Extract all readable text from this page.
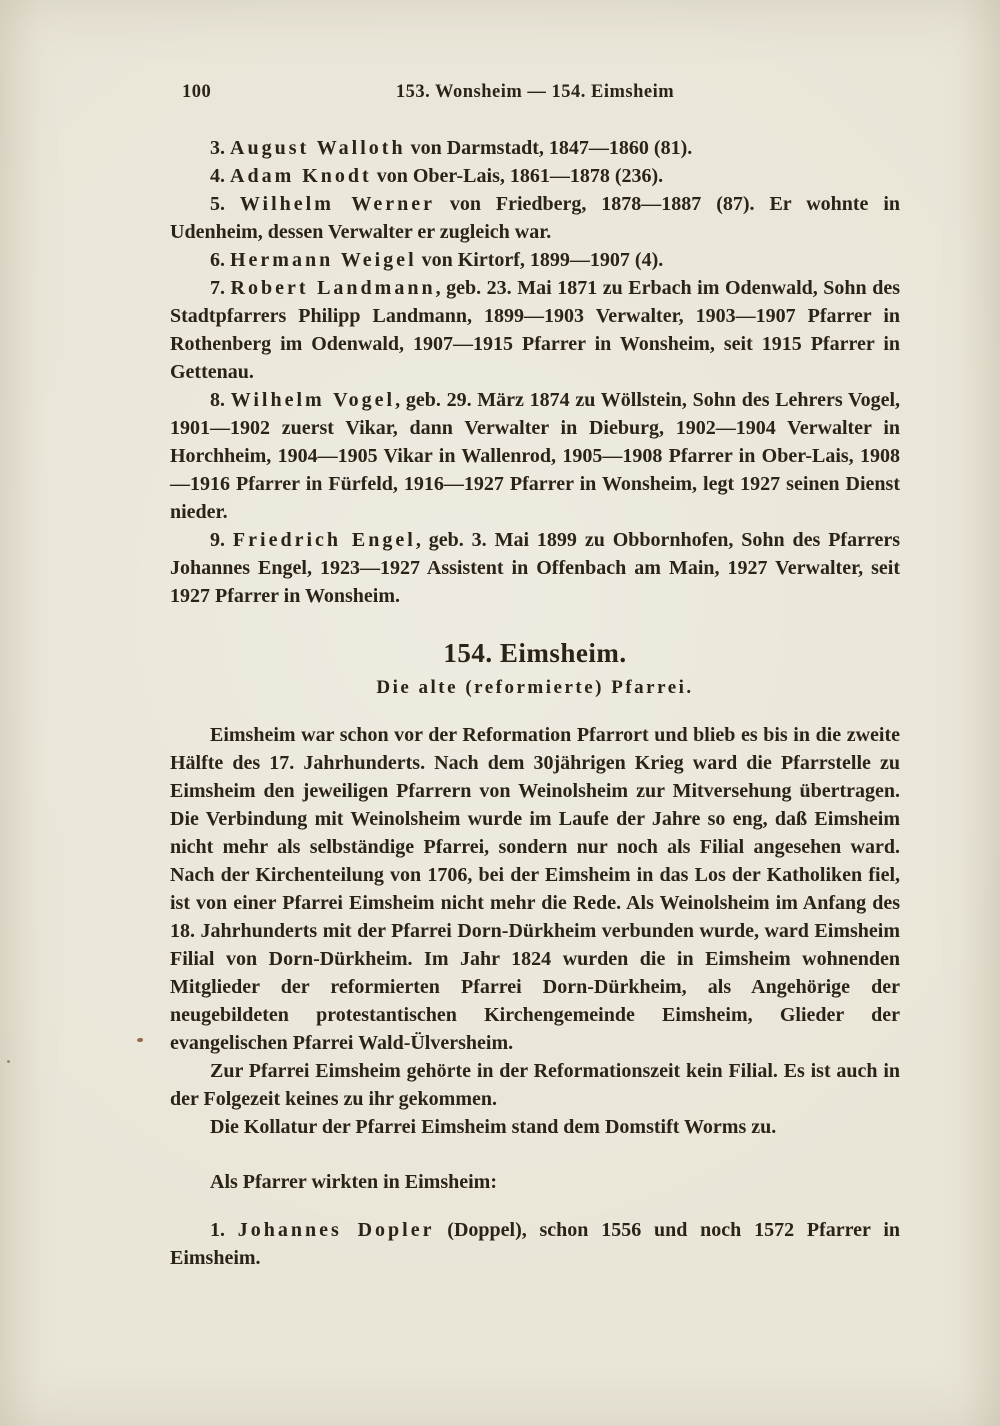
100	153. Wonsheim — 154. Eimsheim

3. August Walloth von Darmstadt, 1847—1860 (81).

4. Adam Knodt von Ober-Lais, 1861—1878 (236).

5. Wilhelm Werner von Friedberg, 1878—1887 (87). Er wohnte in Udenheim, dessen Verwalter er zugleich war.

6. Hermann Weigel von Kirtorf, 1899—1907 (4).

7. Robert Landmann, geb. 23. Mai 1871 zu Erbach im Odenwald, Sohn des Stadtpfarrers Philipp Landmann, 1899—1903 Verwalter, 1903—1907 Pfarrer in Rothenberg im Odenwald, 1907—1915 Pfarrer in Wonsheim, seit 1915 Pfarrer in Gettenau.

8. Wilhelm Vogel, geb. 29. März 1874 zu Wöllstein, Sohn des Lehrers Vogel, 1901—1902 zuerst Vikar, dann Verwalter in Dieburg, 1902—1904 Verwalter in Horchheim, 1904—1905 Vikar in Wallenrod, 1905—1908 Pfarrer in Ober-Lais, 1908—1916 Pfarrer in Fürfeld, 1916—1927 Pfarrer in Wonsheim, legt 1927 seinen Dienst nieder.

9. Friedrich Engel, geb. 3. Mai 1899 zu Obbornhofen, Sohn des Pfarrers Johannes Engel, 1923—1927 Assistent in Offenbach am Main, 1927 Verwalter, seit 1927 Pfarrer in Wonsheim.

154. Eimsheim.
Die alte (reformierte) Pfarrei.

Eimsheim war schon vor der Reformation Pfarrort und blieb es bis in die zweite Hälfte des 17. Jahrhunderts. Nach dem 30jährigen Krieg ward die Pfarrstelle zu Eimsheim den jeweiligen Pfarrern von Weinolsheim zur Mitversehung übertragen. Die Verbindung mit Weinolsheim wurde im Laufe der Jahre so eng, daß Eimsheim nicht mehr als selbständige Pfarrei, sondern nur noch als Filial angesehen ward. Nach der Kirchenteilung von 1706, bei der Eimsheim in das Los der Katholiken fiel, ist von einer Pfarrei Eimsheim nicht mehr die Rede. Als Weinolsheim im Anfang des 18. Jahrhunderts mit der Pfarrei Dorn-Dürkheim verbunden wurde, ward Eimsheim Filial von Dorn-Dürkheim. Im Jahr 1824 wurden die in Eimsheim wohnenden Mitglieder der reformierten Pfarrei Dorn-Dürkheim, als Angehörige der neugebildeten protestantischen Kirchengemeinde Eimsheim, Glieder der evangelischen Pfarrei Wald-Ülversheim.

Zur Pfarrei Eimsheim gehörte in der Reformationszeit kein Filial. Es ist auch in der Folgezeit keines zu ihr gekommen.

Die Kollatur der Pfarrei Eimsheim stand dem Domstift Worms zu.

Als Pfarrer wirkten in Eimsheim:

1. Johannes Dopler (Doppel), schon 1556 und noch 1572 Pfarrer in Eimsheim.
